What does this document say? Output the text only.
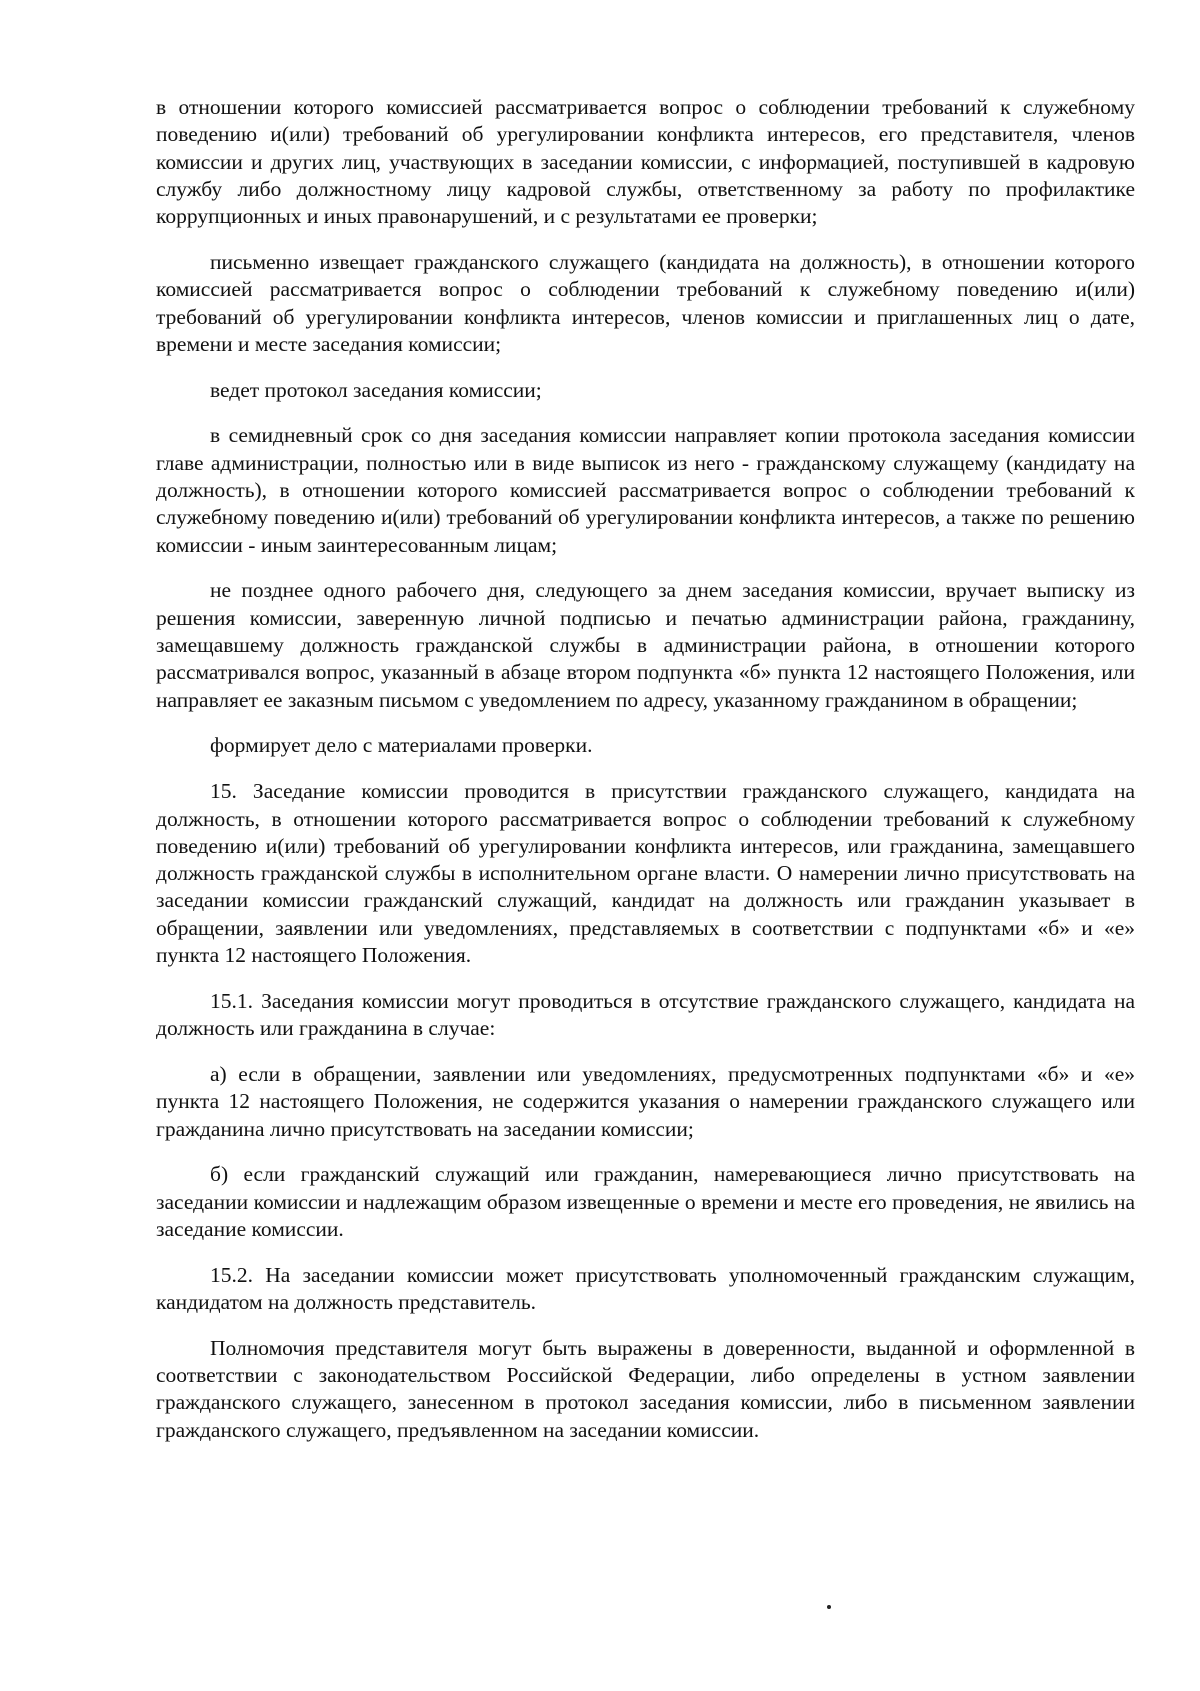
в отношении которого комиссией рассматривается вопрос о соблюдении требований к служебному поведению и(или) требований об урегулировании конфликта интересов, его представителя, членов комиссии и других лиц, участвующих в заседании комиссии, с информацией, поступившей в кадровую службу либо должностному лицу кадровой службы, ответственному за работу по профилактике коррупционных и иных правонарушений, и с результатами ее проверки;

письменно извещает гражданского служащего (кандидата на должность), в отношении которого комиссией рассматривается вопрос о соблюдении требований к служебному поведению и(или) требований об урегулировании конфликта интересов, членов комиссии и приглашенных лиц о дате, времени и месте заседания комиссии;

ведет протокол заседания комиссии;

в семидневный срок со дня заседания комиссии направляет копии протокола заседания комиссии главе администрации, полностью или в виде выписок из него - гражданскому служащему (кандидату на должность), в отношении которого комиссией рассматривается вопрос о соблюдении требований к служебному поведению и(или) требований об урегулировании конфликта интересов, а также по решению комиссии - иным заинтересованным лицам;

не позднее одного рабочего дня, следующего за днем заседания комиссии, вручает выписку из решения комиссии, заверенную личной подписью и печатью администрации района, гражданину, замещавшему должность гражданской службы в администрации района, в отношении которого рассматривался вопрос, указанный в абзаце втором подпункта «б» пункта 12 настоящего Положения, или направляет ее заказным письмом с уведомлением по адресу, указанному гражданином в обращении;

формирует дело с материалами проверки.

15. Заседание комиссии проводится в присутствии гражданского служащего, кандидата на должность, в отношении которого рассматривается вопрос о соблюдении требований к служебному поведению и(или) требований об урегулировании конфликта интересов, или гражданина, замещавшего должность гражданской службы в исполнительном органе власти. О намерении лично присутствовать на заседании комиссии гражданский служащий, кандидат на должность или гражданин указывает в обращении, заявлении или уведомлениях, представляемых в соответствии с подпунктами «б» и «е» пункта 12 настоящего Положения.

15.1. Заседания комиссии могут проводиться в отсутствие гражданского служащего, кандидата на должность или гражданина в случае:

а) если в обращении, заявлении или уведомлениях, предусмотренных подпунктами «б» и «е» пункта 12 настоящего Положения, не содержится указания о намерении гражданского служащего или гражданина лично присутствовать на заседании комиссии;

б) если гражданский служащий или гражданин, намеревающиеся лично присутствовать на заседании комиссии и надлежащим образом извещенные о времени и месте его проведения, не явились на заседание комиссии.

15.2. На заседании комиссии может присутствовать уполномоченный гражданским служащим, кандидатом на должность представитель.

Полномочия представителя могут быть выражены в доверенности, выданной и оформленной в соответствии с законодательством Российской Федерации, либо определены в устном заявлении гражданского служащего, занесенном в протокол заседания комиссии, либо в письменном заявлении гражданского служащего, предъявленном на заседании комиссии.
